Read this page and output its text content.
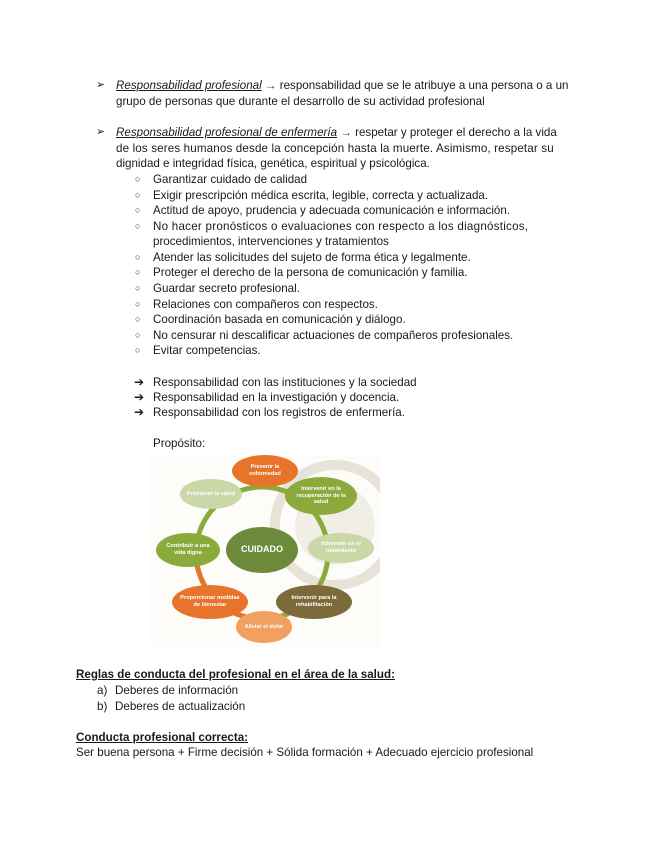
➢ Responsabilidad profesional → responsabilidad que se le atribuye a una persona o a un
grupo de personas que durante el desarrollo de su actividad profesional
➢ Responsabilidad profesional de enfermería → respetar y proteger el derecho a la vida
de los seres humanos desde la concepción hasta la muerte. Asimismo, respetar su
dignidad e integridad física, genética, espiritual y psicológica.
○ Garantizar cuidado de calidad
○ Exigir prescripción médica escrita, legible, correcta y actualizada.
○ Actitud de apoyo, prudencia y adecuada comunicación e información.
○ No hacer pronósticos o evaluaciones con respecto a los diagnósticos,
procedimientos, intervenciones y tratamientos
○ Atender las solicitudes del sujeto de forma ética y legalmente.
○ Proteger el derecho de la persona de comunicación y familia.
○ Guardar secreto profesional.
○ Relaciones con compañeros con respectos.
○ Coordinación basada en comunicación y diálogo.
○ No censurar ni descalificar actuaciones de compañeros profesionales.
○ Evitar competencias.
➔ Responsabilidad con las instituciones y la sociedad
➔ Responsabilidad en la investigación y docencia.
➔ Responsabilidad con los registros de enfermería.
Propósito:
CUIDADO
Prevenir la enfermedad
Intervenir en la recuperación de la salud
Intervenir en el tratamiento
Intervenir para la rehabilitación
Aliviar el dolor
Proporcionar medidas de bienestar
Contribuir a una vida digna
Promover la salud
Reglas de conducta del profesional en el área de la salud:
a) Deberes de información
b) Deberes de actualización
Conducta profesional correcta:
Ser buena persona + Firme decisión + Sólida formación + Adecuado ejercicio profesional
